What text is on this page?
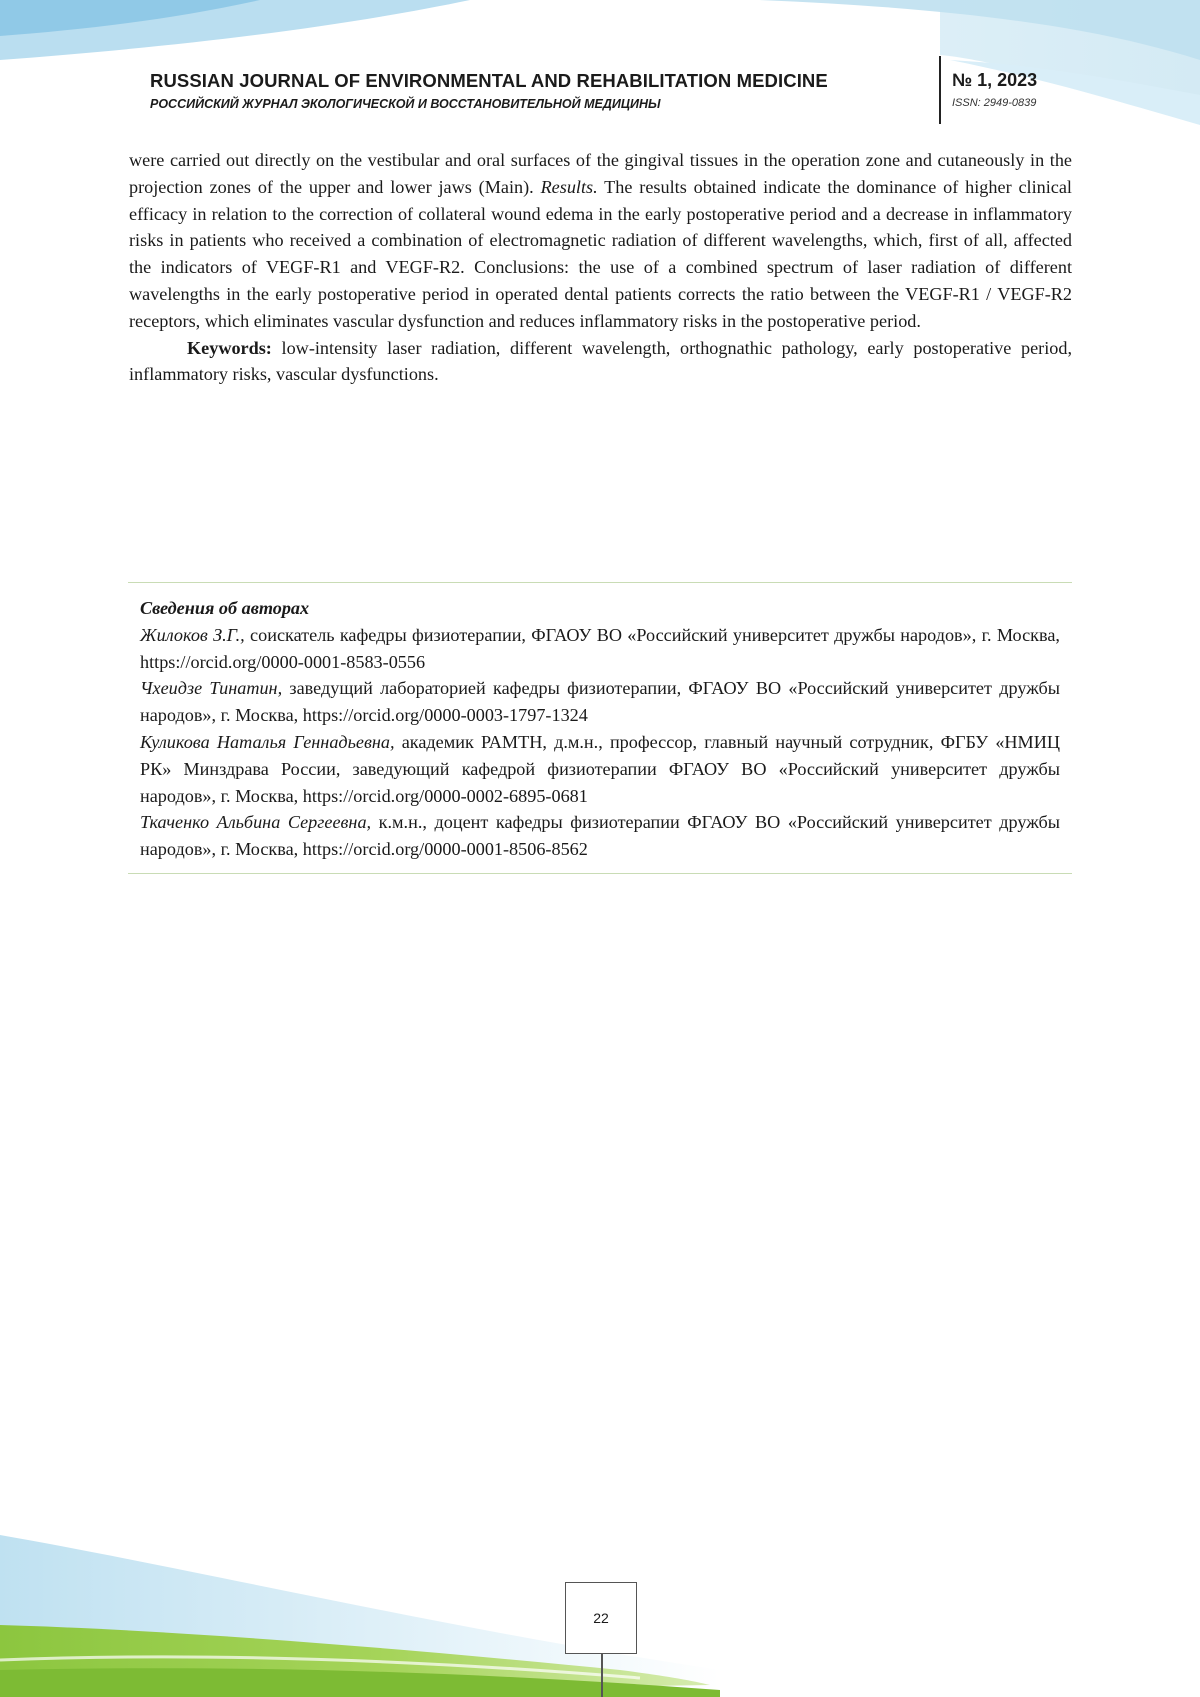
RUSSIAN JOURNAL OF ENVIRONMENTAL AND REHABILITATION MEDICINE
РОССИЙСКИЙ ЖУРНАЛ ЭКОЛОГИЧЕСКОЙ И ВОССТАНОВИТЕЛЬНОЙ МЕДИЦИНЫ
№ 1, 2023
ISSN: 2949-0839

were carried out directly on the vestibular and oral surfaces of the gingival tissues in the operation zone and cutaneously in the projection zones of the upper and lower jaws (Main). Results. The results obtained indicate the dominance of higher clinical efficacy in relation to the correction of collateral wound edema in the early postoperative period and a decrease in inflammatory risks in patients who received a combination of electromagnetic radiation of different wavelengths, which, first of all, affected the indicators of VEGF-R1 and VEGF-R2. Conclusions: the use of a combined spectrum of laser radiation of different wavelengths in the early postoperative period in operated dental patients corrects the ratio between the VEGF-R1 / VEGF-R2 receptors, which eliminates vascular dysfunction and reduces inflammatory risks in the postoperative period.

Keywords: low-intensity laser radiation, different wavelength, orthognathic pathology, early postoperative period, inflammatory risks, vascular dysfunctions.

Сведения об авторах

Жилоков З.Г., соискатель кафедры физиотерапии, ФГАОУ ВО «Российский университет дружбы народов», г. Москва, https://orcid.org/0000-0001-8583-0556

Чхеидзе Тинатин, заведущий лабораторией кафедры физиотерапии, ФГАОУ ВО «Российский университет дружбы народов», г. Москва, https://orcid.org/0000-0003-1797-1324

Куликова Наталья Геннадьевна, академик РАМТН, д.м.н., профессор, главный научный сотрудник, ФГБУ «НМИЦ РК» Минздрава России, заведующий кафедрой физиотерапии ФГАОУ ВО «Российский университет дружбы народов», г. Москва, https://orcid.org/0000-0002-6895-0681

Ткаченко Альбина Сергеевна, к.м.н., доцент кафедры физиотерапии ФГАОУ ВО «Российский университет дружбы народов», г. Москва, https://orcid.org/0000-0001-8506-8562

22
